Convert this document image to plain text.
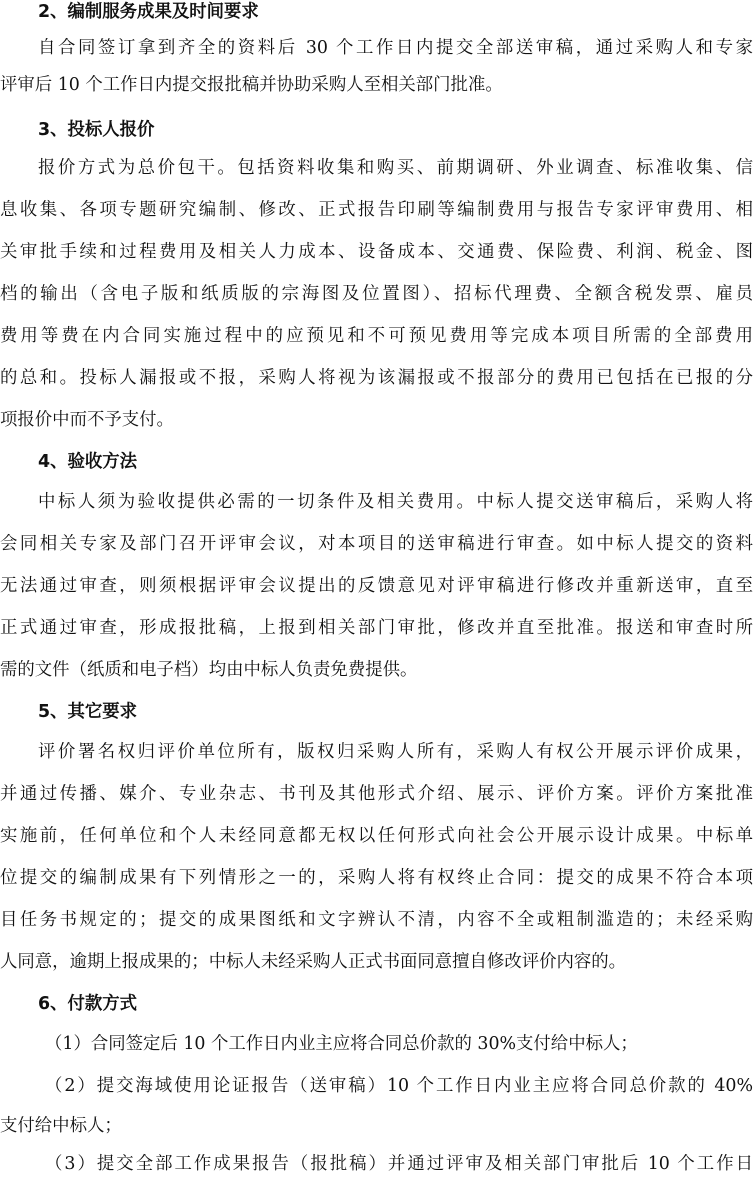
2、编制服务成果及时间要求
自合同签订拿到齐全的资料后 30 个工作日内提交全部送审稿，通过采购人和专家
评审后 10 个工作日内提交报批稿并协助采购人至相关部门批准。
3、投标人报价
报价方式为总价包干。包括资料收集和购买、前期调研、外业调查、标准收集、信
息收集、各项专题研究编制、修改、正式报告印刷等编制费用与报告专家评审费用、相
关审批手续和过程费用及相关人力成本、设备成本、交通费、保险费、利润、税金、图
档的输出（含电子版和纸质版的宗海图及位置图）、招标代理费、全额含税发票、雇员
费用等费在内合同实施过程中的应预见和不可预见费用等完成本项目所需的全部费用
的总和。投标人漏报或不报，采购人将视为该漏报或不报部分的费用已包括在已报的分
项报价中而不予支付。
4、验收方法
中标人须为验收提供必需的一切条件及相关费用。中标人提交送审稿后，采购人将
会同相关专家及部门召开评审会议，对本项目的送审稿进行审查。如中标人提交的资料
无法通过审查，则须根据评审会议提出的反馈意见对评审稿进行修改并重新送审，直至
正式通过审查，形成报批稿，上报到相关部门审批，修改并直至批准。报送和审查时所
需的文件（纸质和电子档）均由中标人负责免费提供。
5、其它要求
评价署名权归评价单位所有，版权归采购人所有，采购人有权公开展示评价成果，
并通过传播、媒介、专业杂志、书刊及其他形式介绍、展示、评价方案。评价方案批准
实施前，任何单位和个人未经同意都无权以任何形式向社会公开展示设计成果。中标单
位提交的编制成果有下列情形之一的，采购人将有权终止合同：提交的成果不符合本项
目任务书规定的；提交的成果图纸和文字辨认不清，内容不全或粗制滥造的；未经采购
人同意，逾期上报成果的；中标人未经采购人正式书面同意擅自修改评价内容的。
6、付款方式
（1）合同签定后 10 个工作日内业主应将合同总价款的 30%支付给中标人；
（2）提交海域使用论证报告（送审稿）10 个工作日内业主应将合同总价款的 40%
支付给中标人；
（3）提交全部工作成果报告（报批稿）并通过评审及相关部门审批后 10 个工作日
